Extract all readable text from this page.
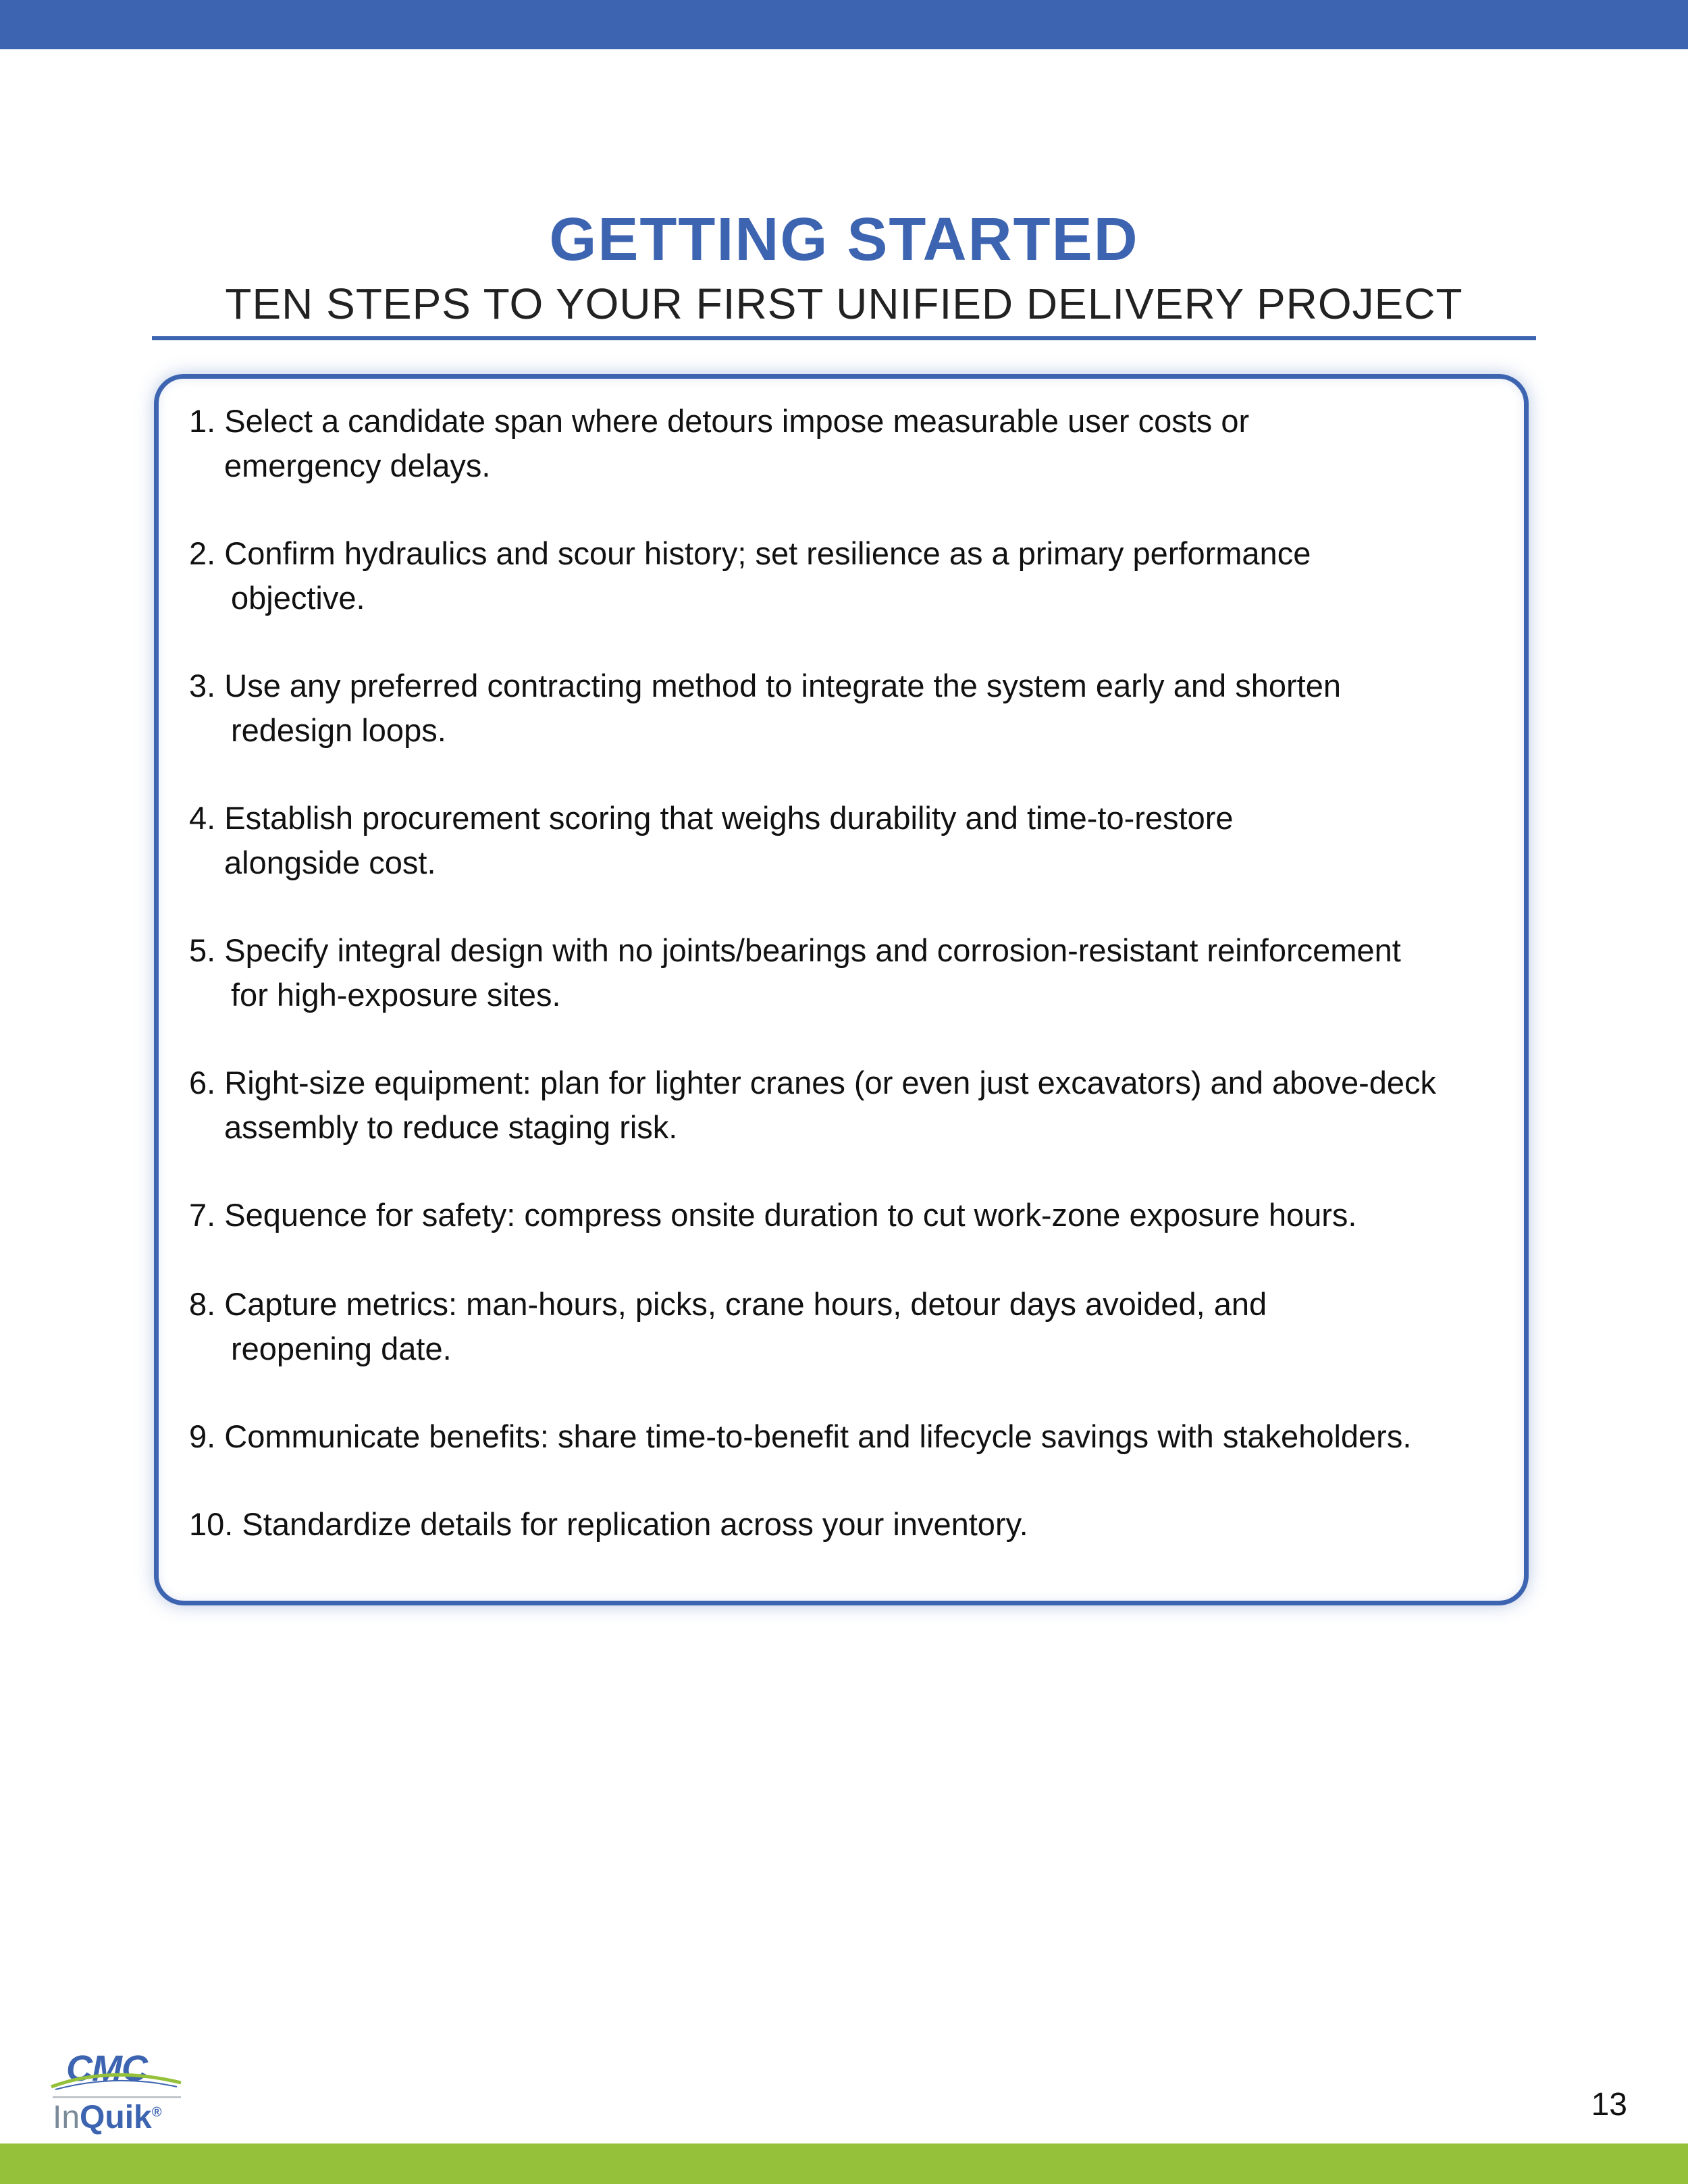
GETTING STARTED
TEN STEPS TO YOUR FIRST UNIFIED DELIVERY PROJECT
1. Select a candidate span where detours impose measurable user costs or
emergency delays.
2. Confirm hydraulics and scour history; set resilience as a primary performance
objective.
3. Use any preferred contracting method to integrate the system early and shorten
redesign loops.
4. Establish procurement scoring that weighs durability and time-to-restore
alongside cost.
5. Specify integral design with no joints/bearings and corrosion-resistant reinforcement
for high-exposure sites.
6. Right-size equipment: plan for lighter cranes (or even just excavators) and above-deck
assembly to reduce staging risk.
7. Sequence for safety: compress onsite duration to cut work-zone exposure hours.
8. Capture metrics: man-hours, picks, crane hours, detour days avoided, and
reopening date.
9. Communicate benefits: share time-to-benefit and lifecycle savings with stakeholders.
10. Standardize details for replication across your inventory.
CMC
InQuik®	13
